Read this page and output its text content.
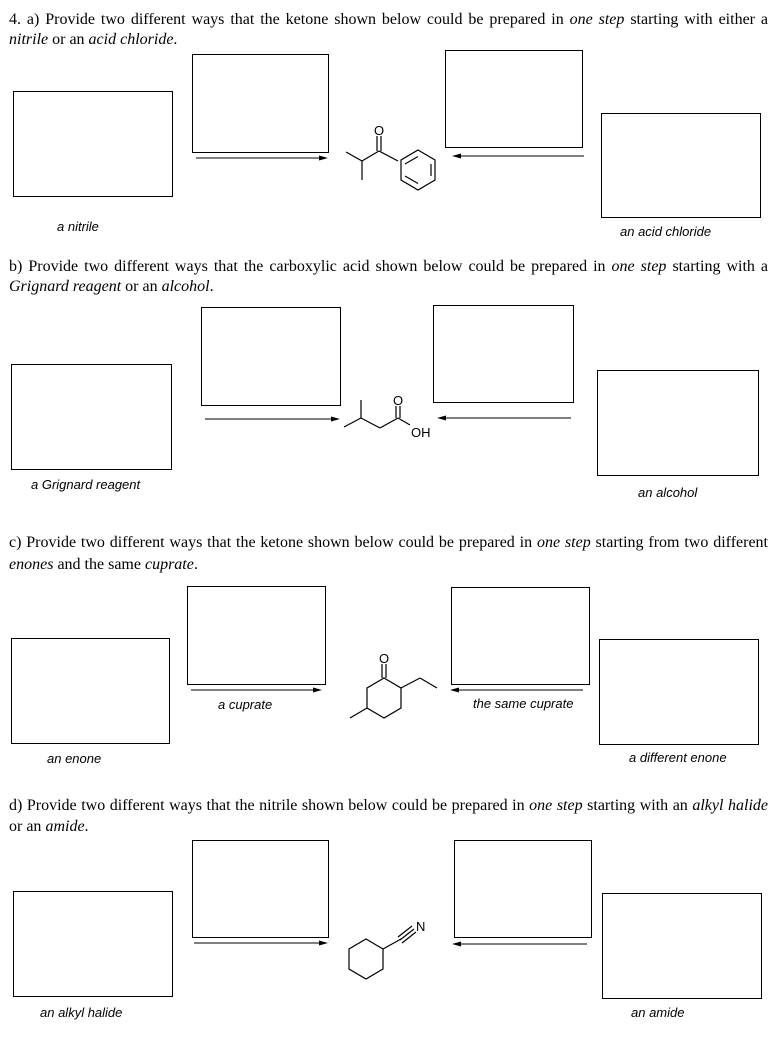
4. a) Provide two different ways that the ketone shown below could be prepared in one step starting with either a nitrile or an acid chloride.
O
O
OH
O
N
a nitrile	an acid chloride
b) Provide two different ways that the carboxylic acid shown below could be prepared in one step starting with a Grignard reagent or an alcohol.
a Grignard reagent
an alcohol
c) Provide two different ways that the ketone shown below could be prepared in one step starting from two different enones and the same cuprate.
a cuprate	the same cuprate
an enone	a different enone
d) Provide two different ways that the nitrile shown below could be prepared in one step starting with an alkyl halide or an amide.
an alkyl halide	an amide
